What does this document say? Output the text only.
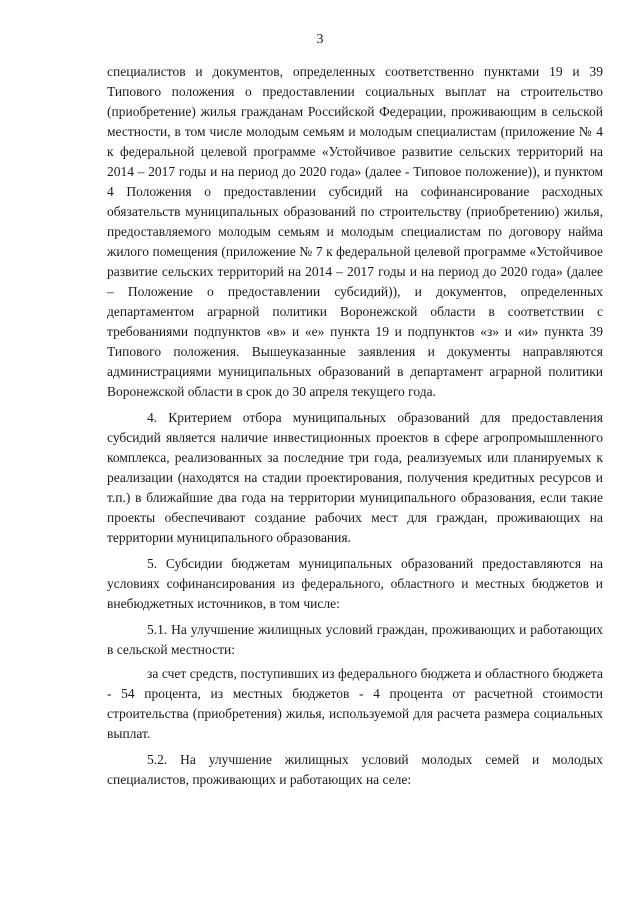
3

специалистов и документов, определенных соответственно пунктами 19 и 39 Типового положения о предоставлении социальных выплат на строительство (приобретение) жилья гражданам Российской Федерации, проживающим в сельской местности, в том числе молодым семьям и молодым специалистам (приложение № 4 к федеральной целевой программе «Устойчивое развитие сельских территорий на 2014 – 2017 годы и на период до 2020 года» (далее - Типовое положение)), и пунктом 4 Положения о предоставлении субсидий на софинансирование расходных обязательств муниципальных образований по строительству (приобретению) жилья, предоставляемого молодым семьям и молодым специалистам по договору найма жилого помещения (приложение № 7 к федеральной целевой программе «Устойчивое развитие сельских территорий на 2014 – 2017 годы и на период до 2020 года» (далее – Положение о предоставлении субсидий)), и документов, определенных департаментом аграрной политики Воронежской области в соответствии с требованиями подпунктов «в» и «е» пункта 19 и подпунктов «з» и «и» пункта 39 Типового положения. Вышеуказанные заявления и документы направляются администрациями муниципальных образований в департамент аграрной политики Воронежской области в срок до 30 апреля текущего года.

4. Критерием отбора муниципальных образований для предоставления субсидий является наличие инвестиционных проектов в сфере агропромышленного комплекса, реализованных за последние три года, реализуемых или планируемых к реализации (находятся на стадии проектирования, получения кредитных ресурсов и т.п.) в ближайшие два года на территории муниципального образования, если такие проекты обеспечивают создание рабочих мест для граждан, проживающих на территории муниципального образования.

5. Субсидии бюджетам муниципальных образований предоставляются на условиях софинансирования из федерального, областного и местных бюджетов и внебюджетных источников, в том числе:

5.1. На улучшение жилищных условий граждан, проживающих и работающих в сельской местности:

за счет средств, поступивших из федерального бюджета и областного бюджета - 54 процента, из местных бюджетов - 4 процента от расчетной стоимости строительства (приобретения) жилья, используемой для расчета размера социальных выплат.

5.2. На улучшение жилищных условий молодых семей и молодых специалистов, проживающих и работающих на селе:
